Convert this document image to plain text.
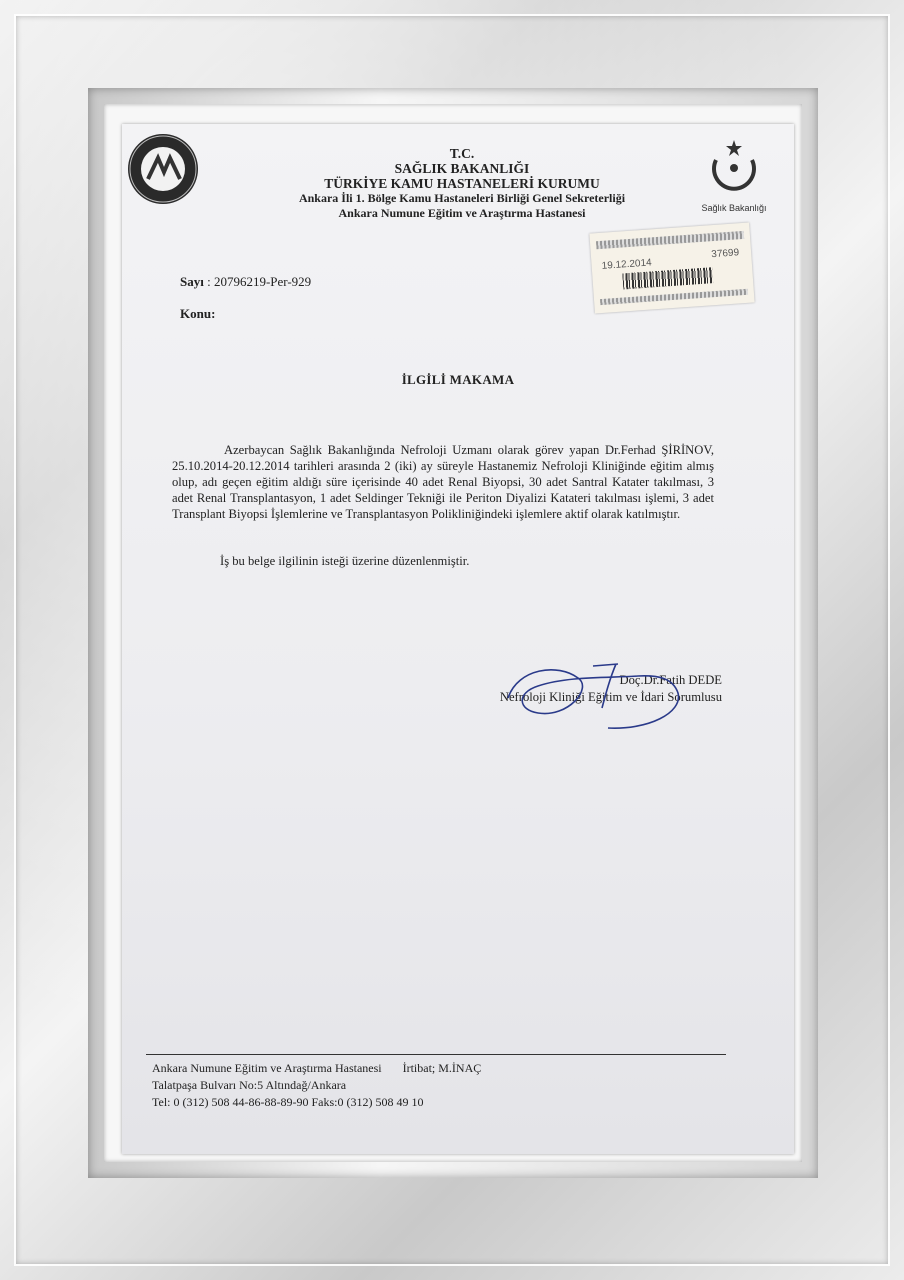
Sağlık Bakanlığı
T.C.
SAĞLIK BAKANLIĞI
TÜRKİYE KAMU HASTANELERİ KURUMU
Ankara İli 1. Bölge Kamu Hastaneleri Birliği Genel Sekreterliği
Ankara Numune Eğitim ve Araştırma Hastanesi
19.12.2014
37699
Sayı : 20796219-Per-929
Konu:
İLGİLİ MAKAMA
Azerbaycan Sağlık Bakanlığında Nefroloji Uzmanı olarak görev yapan Dr.Ferhad ŞİRİNOV, 25.10.2014-20.12.2014 tarihleri arasında 2 (iki) ay süreyle Hastanemiz Nefroloji Kliniğinde eğitim almış olup, adı geçen eğitim aldığı süre içerisinde 40 adet Renal Biyopsi, 30 adet Santral Katater takılması, 3 adet Renal Transplantasyon, 1 adet Seldinger Tekniği ile Periton Diyalizi Katateri takılması işlemi, 3 adet Transplant Biyopsi İşlemlerine ve Transplantasyon Polikliniğindeki işlemlere aktif olarak katılmıştır.
İş bu belge ilgilinin isteği üzerine düzenlenmiştir.
Doç.Dr.Fatih DEDE
Nefroloji Kliniği Eğitim ve İdari Sorumlusu
Ankara Numune Eğitim ve Araştırma Hastanesi İrtibat; M.İNAÇ
Talatpaşa Bulvarı No:5 Altındağ/Ankara
Tel: 0 (312) 508 44-86-88-89-90 Faks:0 (312) 508 49 10
